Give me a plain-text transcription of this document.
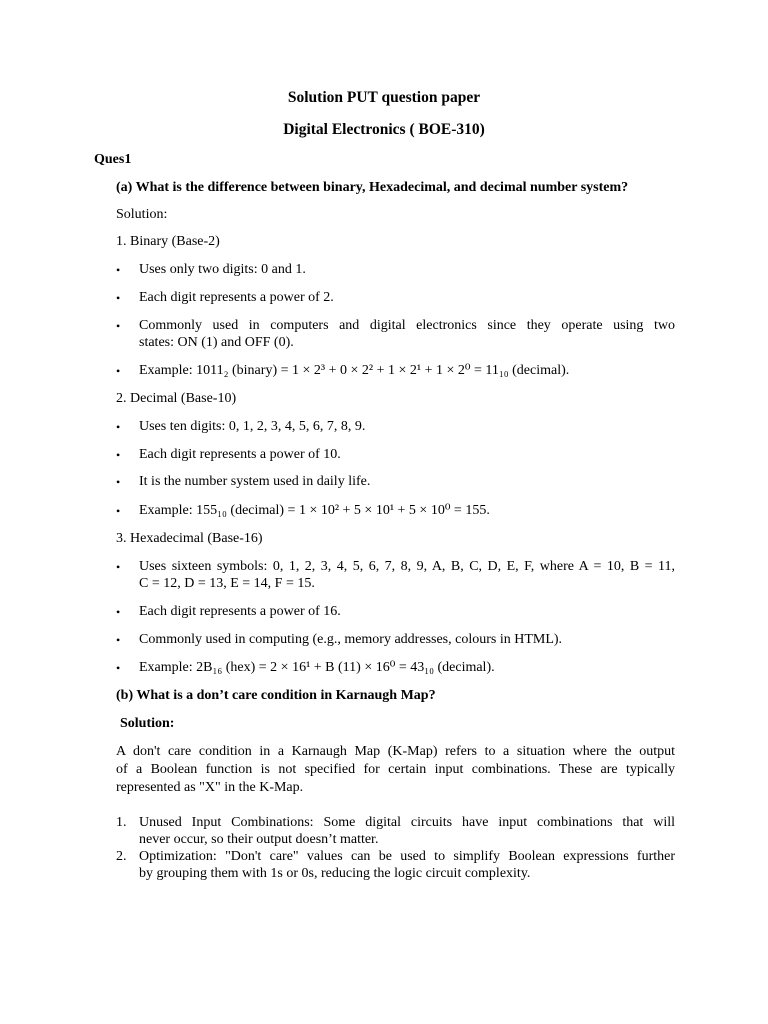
Solution PUT question paper
Digital Electronics ( BOE-310)
Ques1
(a) What is the difference between binary, Hexadecimal, and decimal number system?
Solution:
1. Binary (Base-2)
• Uses only two digits: 0 and 1.
• Each digit represents a power of 2.
• Commonly used in computers and digital electronics since they operate using two
states: ON (1) and OFF (0).
• Example: 1011₂ (binary) = 1 × 2³ + 0 × 2² + 1 × 2¹ + 1 × 2⁰ = 11₁₀ (decimal).
2. Decimal (Base-10)
• Uses ten digits: 0, 1, 2, 3, 4, 5, 6, 7, 8, 9.
• Each digit represents a power of 10.
• It is the number system used in daily life.
• Example: 155₁₀ (decimal) = 1 × 10² + 5 × 10¹ + 5 × 10⁰ = 155.
3. Hexadecimal (Base-16)
• Uses sixteen symbols: 0, 1, 2, 3, 4, 5, 6, 7, 8, 9, A, B, C, D, E, F, where A = 10, B = 11,
C = 12, D = 13, E = 14, F = 15.
• Each digit represents a power of 16.
• Commonly used in computing (e.g., memory addresses, colours in HTML).
• Example: 2B₁₆ (hex) = 2 × 16¹ + B (11) × 16⁰ = 43₁₀ (decimal).
(b) What is a don’t care condition in Karnaugh Map?
Solution:
A don't care condition in a Karnaugh Map (K-Map) refers to a situation where the output
of a Boolean function is not specified for certain input combinations. These are typically
represented as "X" in the K-Map.
1. Unused Input Combinations: Some digital circuits have input combinations that will
never occur, so their output doesn’t matter.
2. Optimization: "Don't care" values can be used to simplify Boolean expressions further
by grouping them with 1s or 0s, reducing the logic circuit complexity.
